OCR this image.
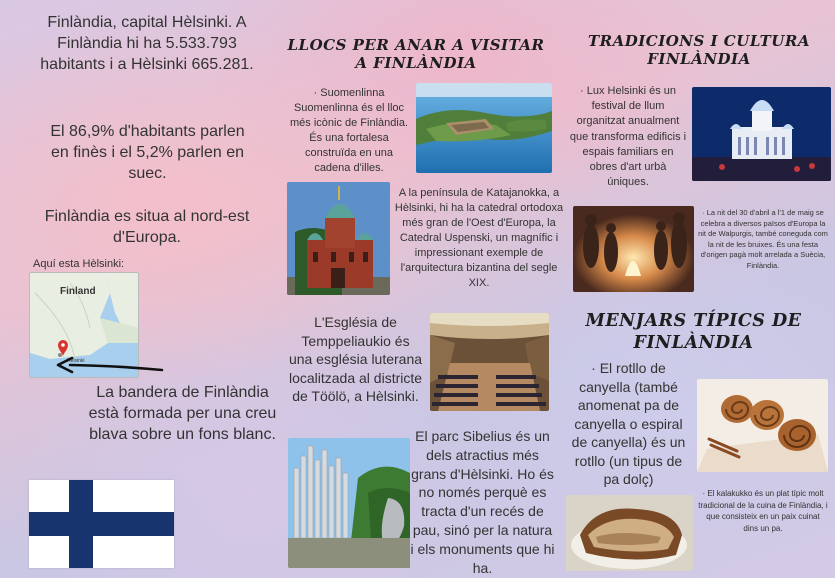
Finlàndia, capital Hèlsinki. A Finlàndia hi ha 5.533.793 habitants i a Hèlsinki 665.281.
El 86,9% d'habitants parlen en finès i el 5,2% parlen en suec.
Finlàndia es situa al nord-est d'Europa.
Aquí esta Hèlsinki:
Finland
Helsinki
La bandera de Finlàndia està formada per una creu blava sobre un fons blanc.
LLOCS PER ANAR A VISITAR A FINLÀNDIA
· Suomenlinna Suomenlinna és el lloc més icònic de Finlàndia. És una fortalesa construïda en una cadena d'illes.
A la península de Katajanokka, a Hèlsinki, hi ha la catedral ortodoxa més gran de l'Oest d'Europa, la Catedral Uspenski, un magnífic i impressionant exemple de l'arquitectura bizantina del segle XIX.
L'Església de Temppeliaukio és una església luterana localitzada al districte de Töölö, a Hèlsinki.
El parc Sibelius és un dels atractius més grans d'Hèlsinki. Ho és no només perquè es tracta d'un recés de pau, sinó per la natura i els monuments que hi ha.
TRADICIONS I CULTURA FINLÀNDIA
· Lux Helsinki és un festival de llum organitzat anualment que transforma edificis i espais familiars en obres d'art urbà úniques.
· La nit del 30 d'abril a l'1 de maig se celebra a diversos països d'Europa la nit de Walpurgis, també coneguda com la nit de les bruixes. És una festa d'origen pagà molt arrelada a Suècia, Finlàndia.
MENJARS TÍPICS DE FINLÀNDIA
· El rotllo de canyella (també anomenat pa de canyella o espiral de canyella) és un rotllo (un tipus de pa dolç)
· El kalakukko és un plat típic molt tradicional de la cuina de Finlàndia, i que consisteix en un paix cuinat dins un pa.
